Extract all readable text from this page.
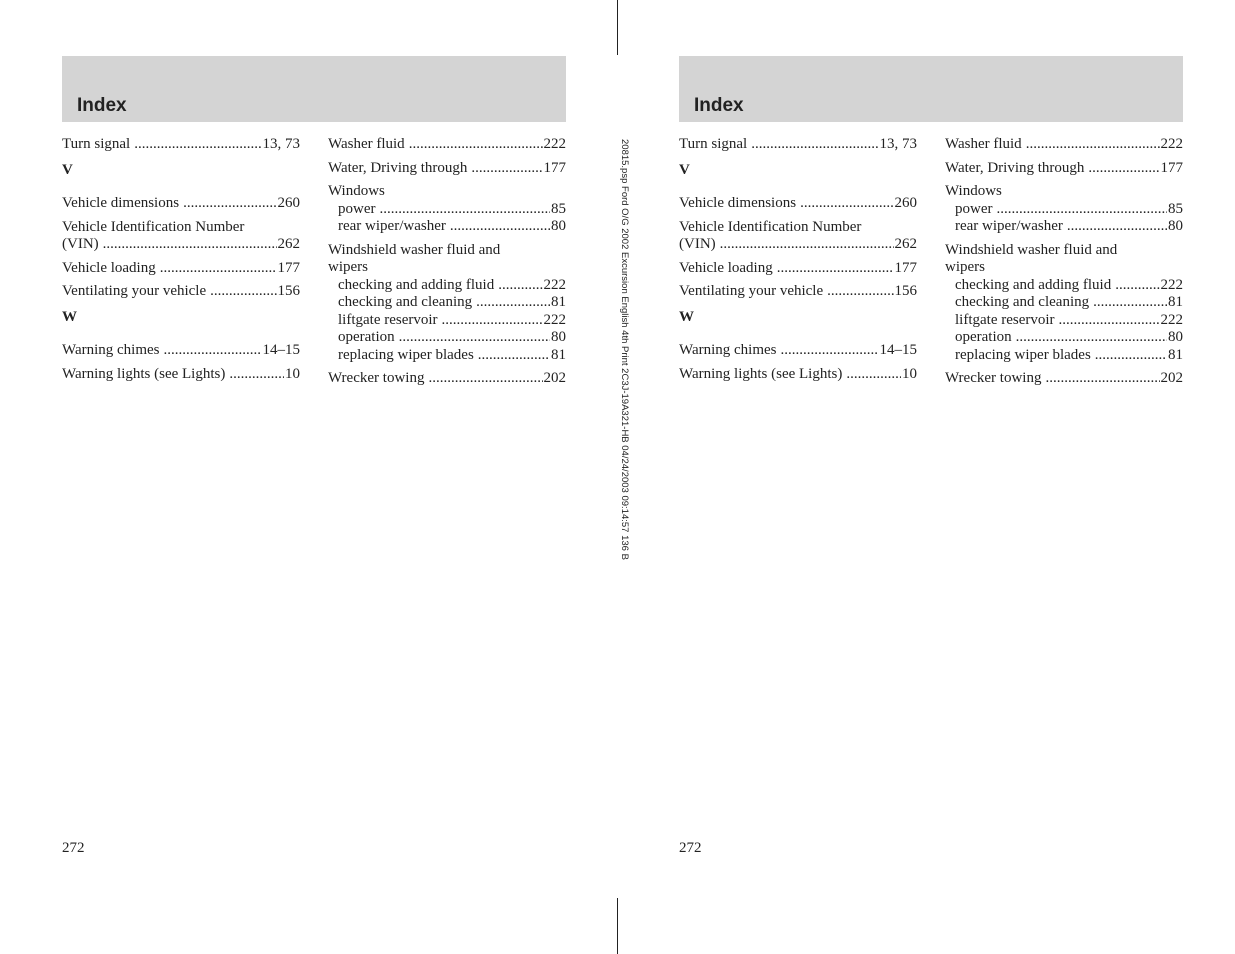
20815.psp Ford O/G 2002 Excursion English 4th Print 2C3J-19A321-HB 04/24/2003 09:14:57 136 B
Index
Turn signal .....	13, 73
V
Vehicle dimensions .....	260
Vehicle Identification Number
(VIN) .....	262
Vehicle loading .....	177
Ventilating your vehicle .....	156
W
Warning chimes .....	14–15
Warning lights (see Lights) .....	10
Washer fluid .....	222
Water, Driving through .....	177
Windows
power .....	85
rear wiper/washer .....	80
Windshield washer fluid and
wipers
checking and adding fluid .....	222
checking and cleaning .....	81
liftgate reservoir .....	222
operation .....	80
replacing wiper blades .....	81
Wrecker towing .....	202
272
Index
Turn signal .....	13, 73
V
Vehicle dimensions .....	260
Vehicle Identification Number
(VIN) .....	262
Vehicle loading .....	177
Ventilating your vehicle .....	156
W
Warning chimes .....	14–15
Warning lights (see Lights) .....	10
Washer fluid .....	222
Water, Driving through .....	177
Windows
power .....	85
rear wiper/washer .....	80
Windshield washer fluid and
wipers
checking and adding fluid .....	222
checking and cleaning .....	81
liftgate reservoir .....	222
operation .....	80
replacing wiper blades .....	81
Wrecker towing .....	202
272
